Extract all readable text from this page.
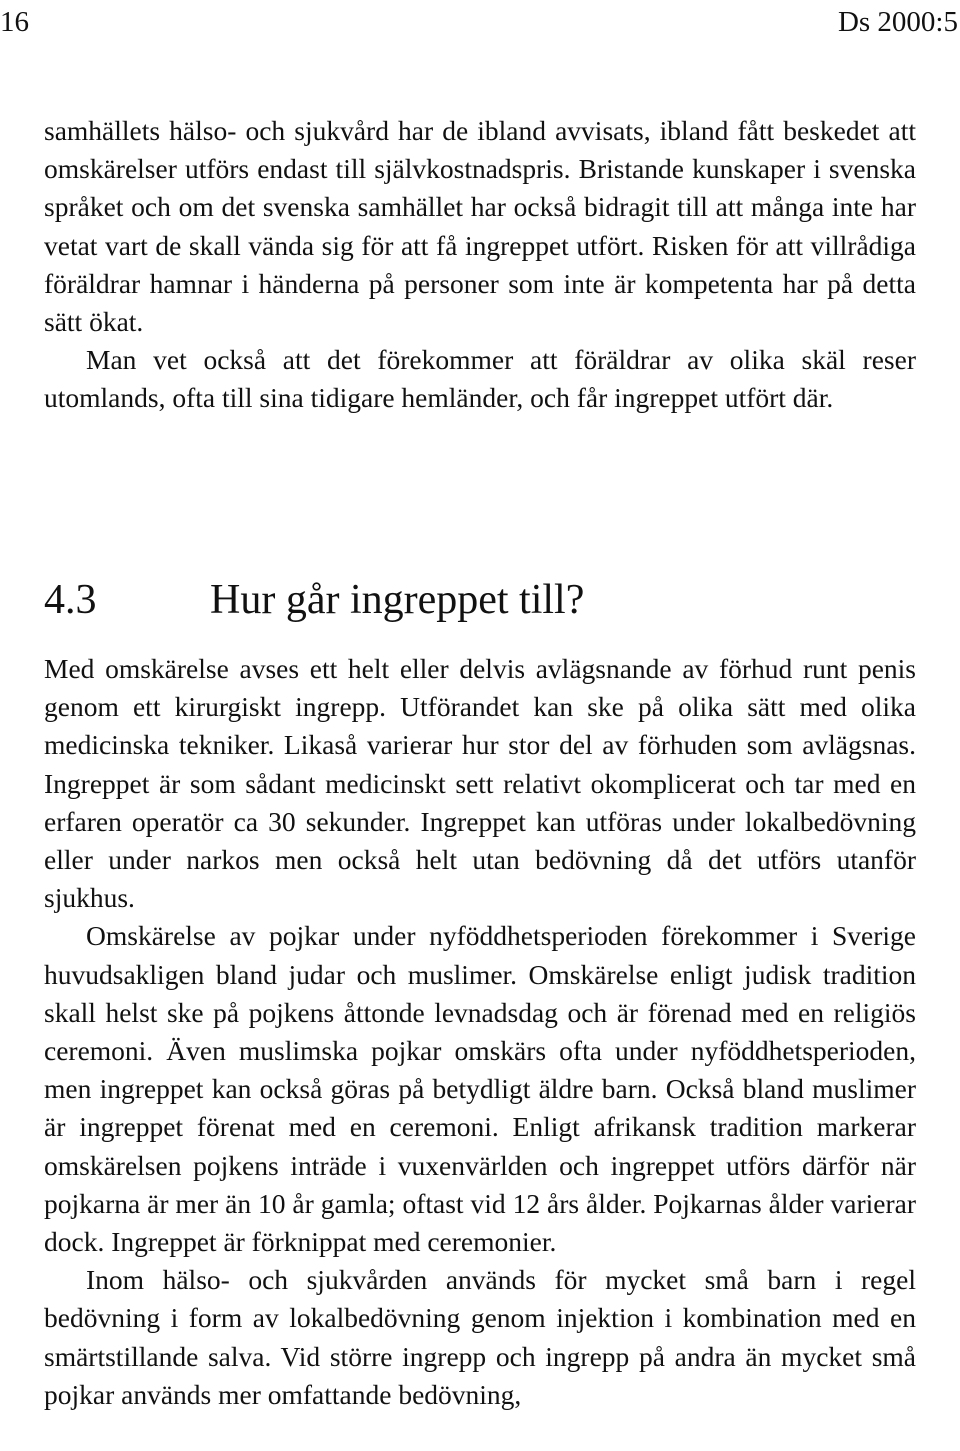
16	Ds 2000:5

samhällets hälso- och sjukvård har de ibland avvisats, ibland fått beskedet att omskärelser utförs endast till självkostnadspris. Bristande kunskaper i svenska språket och om det svenska samhället har också bidragit till att många inte har vetat vart de skall vända sig för att få ingreppet utfört. Risken för att villrådiga föräldrar hamnar i händerna på personer som inte är kompetenta har på detta sätt ökat.

Man vet också att det förekommer att föräldrar av olika skäl reser utomlands, ofta till sina tidigare hemländer, och får ingreppet utfört där.

4.3	Hur går ingreppet till?

Med omskärelse avses ett helt eller delvis avlägsnande av förhud runt penis genom ett kirurgiskt ingrepp. Utförandet kan ske på olika sätt med olika medicinska tekniker. Likaså varierar hur stor del av förhuden som avlägsnas. Ingreppet är som sådant medicinskt sett relativt okomplicerat och tar med en erfaren operatör ca 30 sekunder. Ingreppet kan utföras under lokalbedövning eller under narkos men också helt utan bedövning då det utförs utanför sjukhus.

Omskärelse av pojkar under nyföddhetsperioden förekommer i Sverige huvudsakligen bland judar och muslimer. Omskärelse enligt judisk tradition skall helst ske på pojkens åttonde levnadsdag och är förenad med en religiös ceremoni. Även muslimska pojkar omskärs ofta under nyföddhetsperioden, men ingreppet kan också göras på betydligt äldre barn. Också bland muslimer är ingreppet förenat med en ceremoni. Enligt afrikansk tradition markerar omskärelsen pojkens inträde i vuxenvärlden och ingreppet utförs därför när pojkarna är mer än 10 år gamla; oftast vid 12 års ålder. Pojkarnas ålder varierar dock. Ingreppet är förknippat med ceremonier.

Inom hälso- och sjukvården används för mycket små barn i regel bedövning i form av lokalbedövning genom injektion i kombination med en smärtstillande salva. Vid större ingrepp och ingrepp på andra än mycket små pojkar används mer omfattande bedövning,
